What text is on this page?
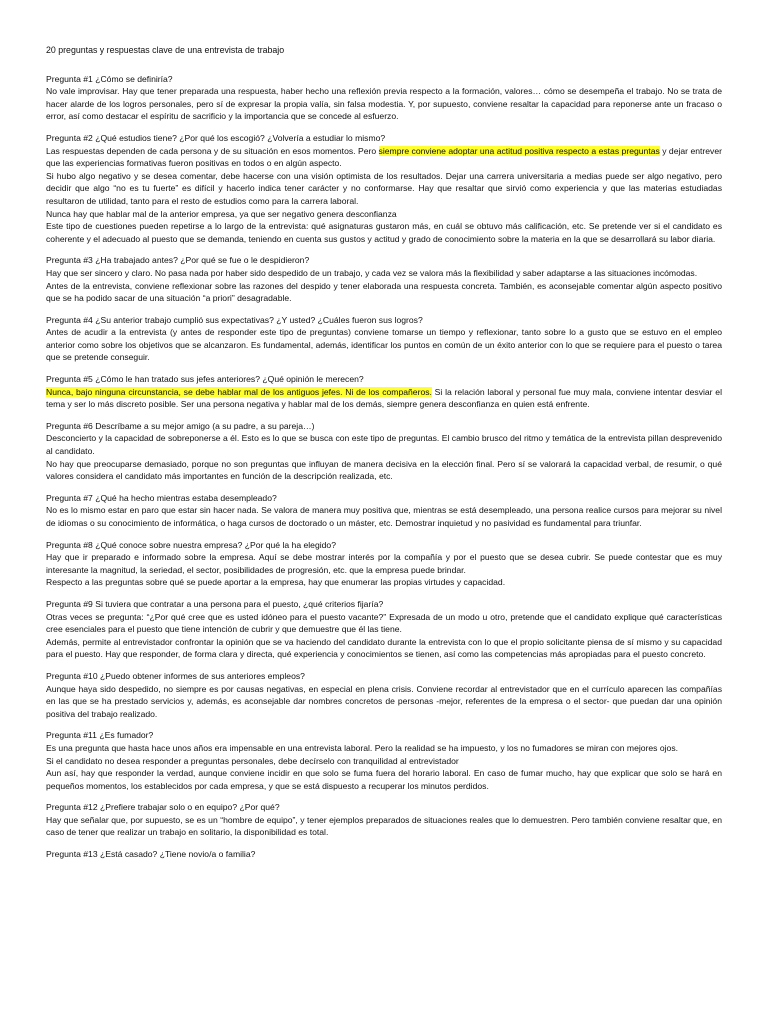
20 preguntas y respuestas clave de una entrevista de trabajo

Pregunta #1 ¿Cómo se definiría?

No vale improvisar. Hay que tener preparada una respuesta, haber hecho una reflexión previa respecto a la formación, valores… cómo se desempeña el trabajo. No se trata de hacer alarde de los logros personales, pero sí de expresar la propia valía, sin falsa modestia. Y, por supuesto, conviene resaltar la capacidad para reponerse ante un fracaso o error, así como destacar el espíritu de sacrificio y la importancia que se concede al esfuerzo.

Pregunta #2 ¿Qué estudios tiene? ¿Por qué los escogió? ¿Volvería a estudiar lo mismo?

Las respuestas dependen de cada persona y de su situación en esos momentos. Pero siempre conviene adoptar una actitud positiva respecto a estas preguntas y dejar entrever que las experiencias formativas fueron positivas en todos o en algún aspecto.

Si hubo algo negativo y se desea comentar, debe hacerse con una visión optimista de los resultados. Dejar una carrera universitaria a medias puede ser algo negativo, pero decidir que algo “no es tu fuerte” es difícil y hacerlo indica tener carácter y no conformarse. Hay que resaltar que sirvió como experiencia y que las materias estudiadas resultaron de utilidad, tanto para el resto de estudios como para la carrera laboral.

Nunca hay que hablar mal de la anterior empresa, ya que ser negativo genera desconfianza

Este tipo de cuestiones pueden repetirse a lo largo de la entrevista: qué asignaturas gustaron más, en cuál se obtuvo más calificación, etc. Se pretende ver si el candidato es coherente y el adecuado al puesto que se demanda, teniendo en cuenta sus gustos y actitud y grado de conocimiento sobre la materia en la que se desarrollará su labor diaria.

Pregunta #3 ¿Ha trabajado antes? ¿Por qué se fue o le despidieron?

Hay que ser sincero y claro. No pasa nada por haber sido despedido de un trabajo, y cada vez se valora más la flexibilidad y saber adaptarse a las situaciones incómodas.

Antes de la entrevista, conviene reflexionar sobre las razones del despido y tener elaborada una respuesta concreta. También, es aconsejable comentar algún aspecto positivo que se ha podido sacar de una situación “a priori” desagradable.

Pregunta #4 ¿Su anterior trabajo cumplió sus expectativas? ¿Y usted? ¿Cuáles fueron sus logros?

Antes de acudir a la entrevista (y antes de responder este tipo de preguntas) conviene tomarse un tiempo y reflexionar, tanto sobre lo a gusto que se estuvo en el empleo anterior como sobre los objetivos que se alcanzaron. Es fundamental, además, identificar los puntos en común de un éxito anterior con lo que se requiere para el puesto o tarea que se pretende conseguir.

Pregunta #5 ¿Cómo le han tratado sus jefes anteriores? ¿Qué opinión le merecen?

Nunca, bajo ninguna circunstancia, se debe hablar mal de los antiguos jefes. Ni de los compañeros. Si la relación laboral y personal fue muy mala, conviene intentar desviar el tema y ser lo más discreto posible. Ser una persona negativa y hablar mal de los demás, siempre genera desconfianza en quien está enfrente.

Pregunta #6 Descríbame a su mejor amigo (a su padre, a su pareja…)

Desconcierto y la capacidad de sobreponerse a él. Esto es lo que se busca con este tipo de preguntas. El cambio brusco del ritmo y temática de la entrevista pillan desprevenido al candidato.

No hay que preocuparse demasiado, porque no son preguntas que influyan de manera decisiva en la elección final. Pero sí se valorará la capacidad verbal, de resumir, o qué valores considera el candidato más importantes en función de la descripción realizada, etc.

Pregunta #7 ¿Qué ha hecho mientras estaba desempleado?

No es lo mismo estar en paro que estar sin hacer nada. Se valora de manera muy positiva que, mientras se está desempleado, una persona realice cursos para mejorar su nivel de idiomas o su conocimiento de informática, o haga cursos de doctorado o un máster, etc. Demostrar inquietud y no pasividad es fundamental para triunfar.

Pregunta #8 ¿Qué conoce sobre nuestra empresa? ¿Por qué la ha elegido?

Hay que ir preparado e informado sobre la empresa. Aquí se debe mostrar interés por la compañía y por el puesto que se desea cubrir. Se puede contestar que es muy interesante la magnitud, la seriedad, el sector, posibilidades de progresión, etc. que la empresa puede brindar.

Respecto a las preguntas sobre qué se puede aportar a la empresa, hay que enumerar las propias virtudes y capacidad.

Pregunta #9 Si tuviera que contratar a una persona para el puesto, ¿qué criterios fijaría?

Otras veces se pregunta: “¿Por qué cree que es usted idóneo para el puesto vacante?” Expresada de un modo u otro, pretende que el candidato explique qué características cree esenciales para el puesto que tiene intención de cubrir y que demuestre que él las tiene.

Además, permite al entrevistador confrontar la opinión que se va haciendo del candidato durante la entrevista con lo que el propio solicitante piensa de sí mismo y su capacidad para el puesto. Hay que responder, de forma clara y directa, qué experiencia y conocimientos se tienen, así como las competencias más apropiadas para el puesto concreto.

Pregunta #10 ¿Puedo obtener informes de sus anteriores empleos?

Aunque haya sido despedido, no siempre es por causas negativas, en especial en plena crisis. Conviene recordar al entrevistador que en el currículo aparecen las compañías en las que se ha prestado servicios y, además, es aconsejable dar nombres concretos de personas -mejor, referentes de la empresa o el sector- que puedan dar una opinión positiva del trabajo realizado.

Pregunta #11 ¿Es fumador?

Es una pregunta que hasta hace unos años era impensable en una entrevista laboral. Pero la realidad se ha impuesto, y los no fumadores se miran con mejores ojos.

Si el candidato no desea responder a preguntas personales, debe decírselo con tranquilidad al entrevistador

Aun así, hay que responder la verdad, aunque conviene incidir en que solo se fuma fuera del horario laboral. En caso de fumar mucho, hay que explicar que solo se hará en pequeños momentos, los establecidos por cada empresa, y que se está dispuesto a recuperar los minutos perdidos.

Pregunta #12 ¿Prefiere trabajar solo o en equipo? ¿Por qué?

Hay que señalar que, por supuesto, se es un “hombre de equipo”, y tener ejemplos preparados de situaciones reales que lo demuestren. Pero también conviene resaltar que, en caso de tener que realizar un trabajo en solitario, la disponibilidad es total.

Pregunta #13 ¿Está casado? ¿Tiene novio/a o familia?
